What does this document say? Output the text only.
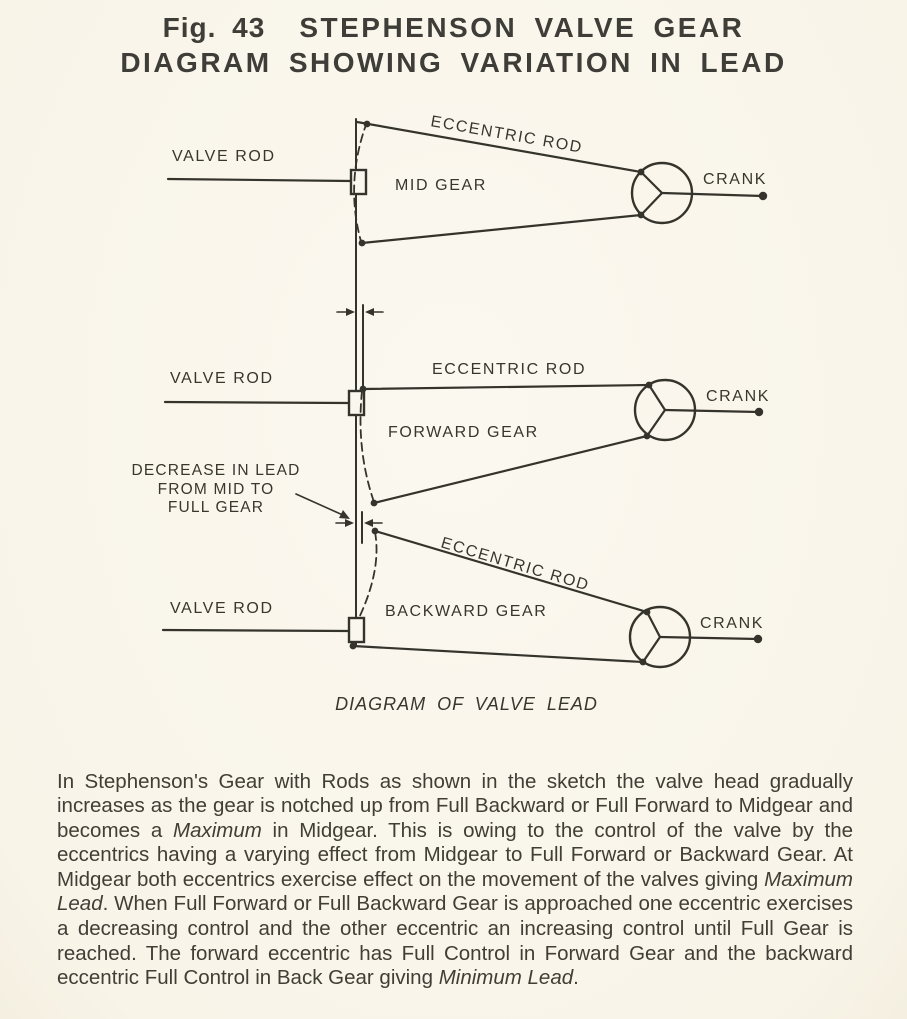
Fig. 43 STEPHENSON VALVE GEAR
DIAGRAM SHOWING VARIATION IN LEAD
VALVE ROD	ECCENTRIC ROD
MID GEAR	CRANK
VALVE ROD
ECCENTRIC ROD
FORWARD GEAR
CRANK
DECREASE IN LEAD
FROM MID TO
FULL GEAR
ECCENTRIC ROD
VALVE ROD	BACKWARD GEAR
CRANK
DIAGRAM OF VALVE LEAD

In Stephenson's Gear with Rods as shown in the sketch the valve head gradually increases as the gear is notched up from Full Backward or Full Forward to Midgear and becomes a Maximum in Midgear. This is owing to the control of the valve by the eccentrics having a varying effect from Midgear to Full Forward or Backward Gear. At Midgear both eccentrics exercise effect on the movement of the valves giving Maximum Lead. When Full Forward or Full Backward Gear is approached one eccentric exercises a decreasing control and the other eccentric an increasing control until Full Gear is reached. The forward eccentric has Full Control in Forward Gear and the backward eccentric Full Control in Back Gear giving Minimum Lead.
